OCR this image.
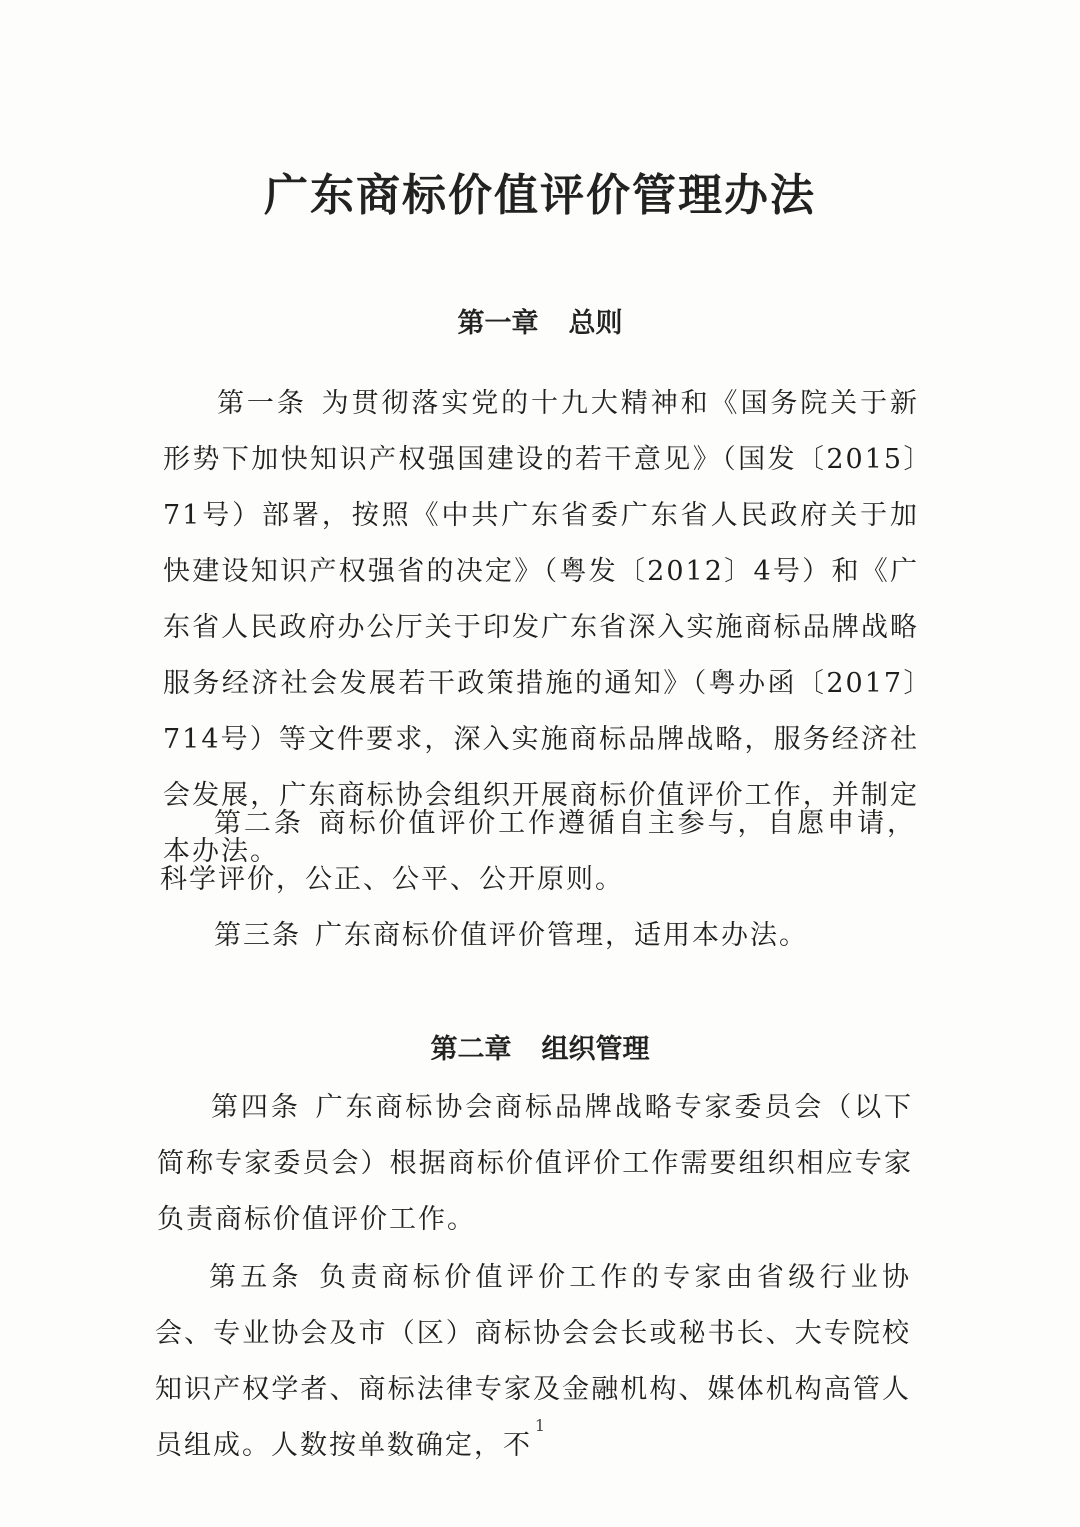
广东商标价值评价管理办法
第一章 总则
第一条 为贯彻落实党的十九大精神和《国务院关于新形势下加快知识产权强国建设的若干意见》（国发〔2015〕71号）部署，按照《中共广东省委广东省人民政府关于加快建设知识产权强省的决定》（粤发〔2012〕4号）和《广东省人民政府办公厅关于印发广东省深入实施商标品牌战略服务经济社会发展若干政策措施的通知》（粤办函〔2017〕714号）等文件要求，深入实施商标品牌战略，服务经济社会发展，广东商标协会组织开展商标价值评价工作，并制定本办法。
第二条 商标价值评价工作遵循自主参与，自愿申请，科学评价，公正、公平、公开原则。
第三条 广东商标价值评价管理，适用本办法。
第二章 组织管理
第四条 广东商标协会商标品牌战略专家委员会（以下简称专家委员会）根据商标价值评价工作需要组织相应专家负责商标价值评价工作。
第五条 负责商标价值评价工作的专家由省级行业协会、专业协会及市（区）商标协会会长或秘书长、大专院校知识产权学者、商标法律专家及金融机构、媒体机构高管人员组成。人数按单数确定，不
1
